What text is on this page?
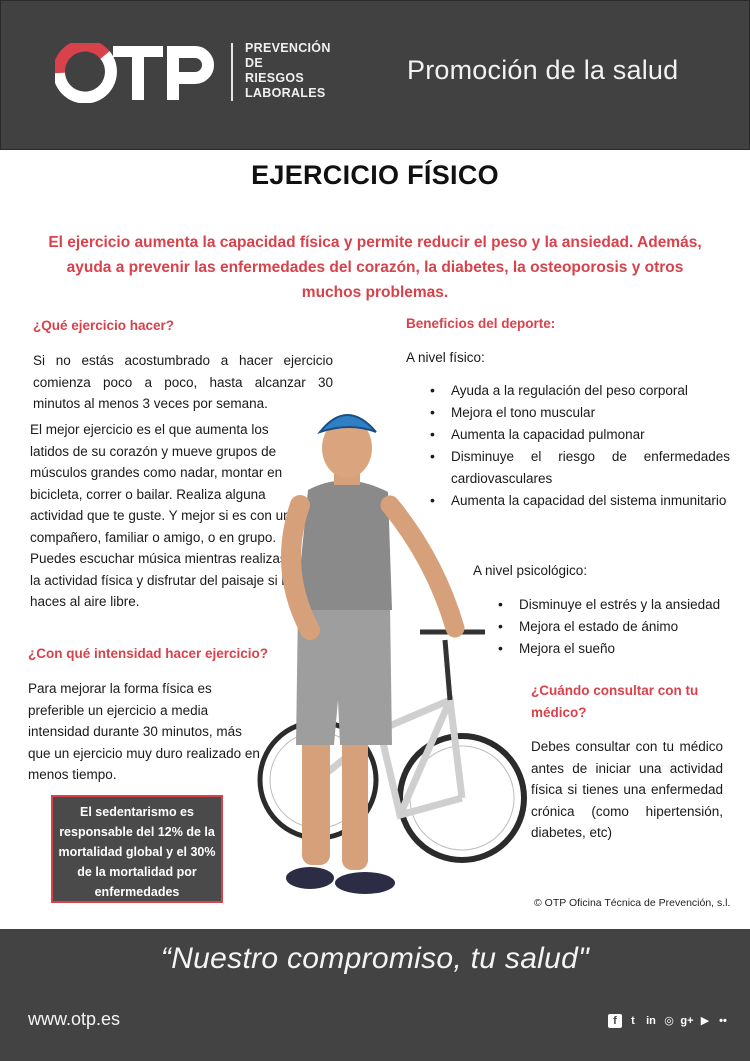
PREVENCIÓN
DE
RIESGOS
LABORALES
Promoción de la salud
EJERCICIO FÍSICO
El ejercicio aumenta la capacidad física y permite reducir el peso y la ansiedad. Además, ayuda a prevenir las enfermedades del corazón, la diabetes, la osteoporosis y otros muchos problemas.
¿Qué ejercicio hacer?
Si no estás acostumbrado a hacer ejercicio comienza poco a poco, hasta alcanzar 30 minutos al menos 3 veces por semana.
El mejor ejercicio es el que aumenta los latidos de su corazón y mueve grupos de músculos grandes como nadar, montar en bicicleta, correr o bailar. Realiza alguna actividad que te guste. Y mejor si es con un compañero, familiar o amigo, o en grupo. Puedes escuchar música mientras realizas la actividad física y disfrutar del paisaje si la haces al aire libre.
¿Con qué intensidad hacer ejercicio?
Para mejorar la forma física es preferible un ejercicio a media intensidad durante 30 minutos, más que un ejercicio muy duro realizado en menos tiempo.
El sedentarismo es responsable del 12% de la mortalidad global y el 30% de la mortalidad por enfermedades
Beneficios del deporte:
A nivel físico:
• Ayuda a la regulación del peso corporal
• Mejora el tono muscular
• Aumenta la capacidad pulmonar
• Disminuye el riesgo de enfermedades cardiovasculares
• Aumenta la capacidad del sistema inmunitario
A nivel psicológico:
• Disminuye el estrés y la ansiedad
• Mejora el estado de ánimo
• Mejora el sueño
¿Cuándo consultar con tu médico?
Debes consultar con tu médico antes de iniciar una actividad física si tienes una enfermedad crónica (como hipertensión, diabetes, etc)
© OTP Oficina Técnica de Prevención, s.l.
“Nuestro compromiso, tu salud"
www.otp.es	f	t	in ◎ g+ ▶ ••
